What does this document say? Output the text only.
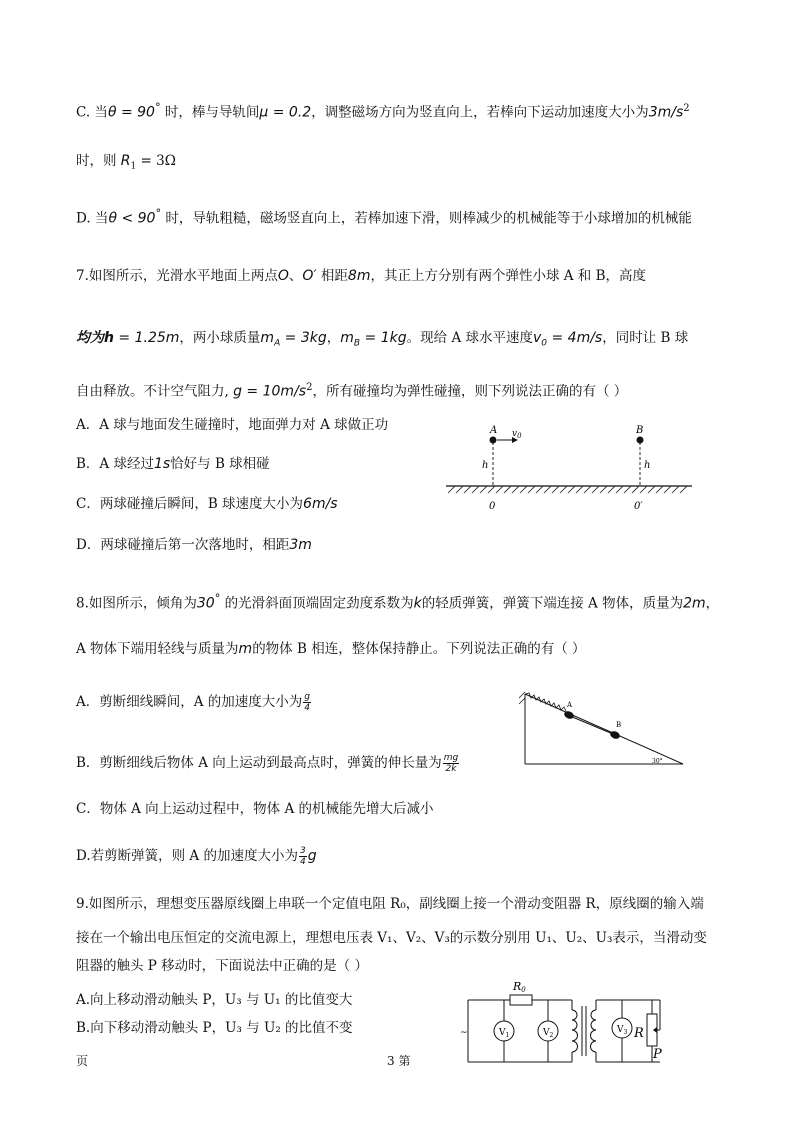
C. 当θ = 90° 时，棒与导轨间μ = 0.2，调整磁场方向为竖直向上，若棒向下运动加速度大小为$3m/s^2$
时，则 $R_1 = 3\Omega$
D. 当θ < 90° 时，导轨粗糙，磁场竖直向上，若棒加速下滑，则棒减少的机械能等于小球增加的机械能
7.如图所示，光滑水平地面上两点O、O′ 相距8m，其正上方分别有两个弹性小球 A 和 B，高度
均为h = 1.25m，两小球质量$m_A = 3kg$，$m_B = 1kg$。现给 A 球水平速度$v_0 = 4m/s$，同时让 B 球
自由释放。不计空气阻力, $g = 10m/s^2$，所有碰撞均为弹性碰撞，则下列说法正确的有（ ）
A．A 球与地面发生碰撞时，地面弹力对 A 球做正功
B．A 球经过1s恰好与 B 球相碰
C．两球碰撞后瞬间，B 球速度大小为6m/s
D．两球碰撞后第一次落地时，相距3m
A $v_0$	B
h	h
0	0′
8.如图所示，倾角为30° 的光滑斜面顶端固定劲度系数为k的轻质弹簧，弹簧下端连接 A 物体，质量为2m，
A 物体下端用轻线与质量为m的物体 B 相连，整体保持静止。下列说法正确的有（ ）
A．剪断细线瞬间，A 的加速度大小为 $\frac{g}{4}$
B．剪断细线后物体 A 向上运动到最高点时，弹簧的伸长量为 $\frac{mg}{2k}$
C．物体 A 向上运动过程中，物体 A 的机械能先增大后减小
D.若剪断弹簧，则 A 的加速度大小为 $\frac{3}{4}$ g
A
B
30°
9.如图所示，理想变压器原线圈上串联一个定值电阻 R₀，副线圈上接一个滑动变阻器 R，原线圈的输入端
接在一个输出电压恒定的交流电源上，理想电压表 V₁、V₂、V₃的示数分别用 U₁、U₂、U₃表示，当滑动变
阻器的触头 P 移动时，下面说法中正确的是（ ）
A.向上移动滑动触头 P，U₃ 与 U₁ 的比值变大
B.向下移动滑动触头 P，U₃ 与 U₂ 的比值不变	~
R0
$V_1$	$V_2$
$V_3$ R
P
页	3 第
